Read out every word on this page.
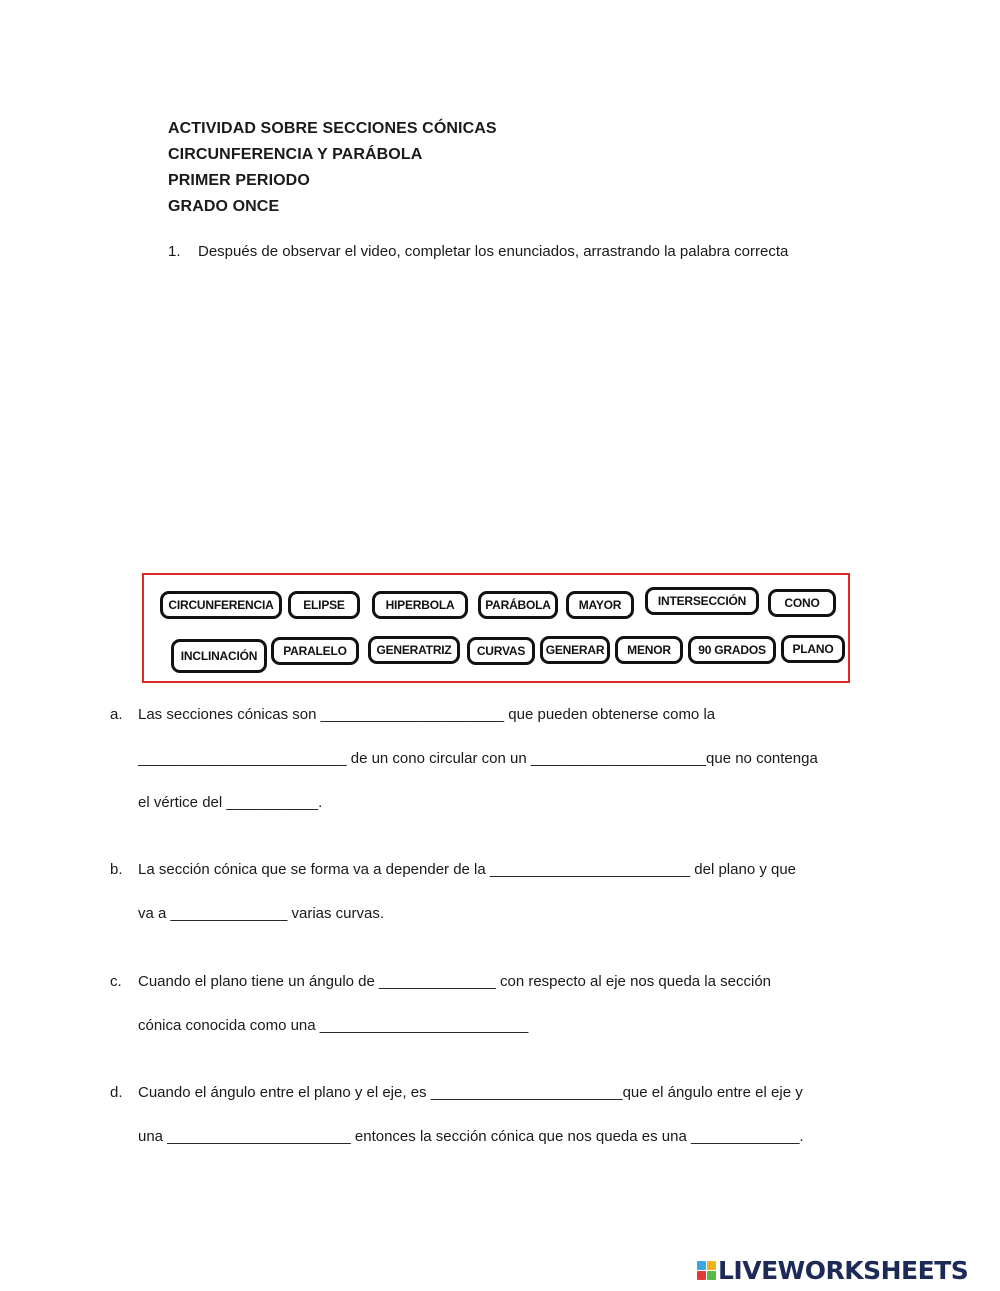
ACTIVIDAD SOBRE SECCIONES CÓNICAS
CIRCUNFERENCIA Y PARÁBOLA
PRIMER PERIODO
GRADO ONCE
1. Después de observar el video, completar los enunciados, arrastrando la palabra correcta
CIRCUNFERENCIA	ELIPSE	HIPERBOLA	PARÁBOLA	MAYOR	INTERSECCIÓN	CONO
INCLINACIÓN	PARALELO	GENERATRIZ	CURVAS	GENERAR	MENOR	90 GRADOS	PLANO
a. Las secciones cónicas son ______________________ que pueden obtenerse como la
_________________________ de un cono circular con un _____________________que no contenga
el vértice del ___________.
b. La sección cónica que se forma va a depender de la ________________________ del plano y que
va a ______________ varias curvas.
c. Cuando el plano tiene un ángulo de ______________ con respecto al eje nos queda la sección
cónica conocida como una _________________________
d. Cuando el ángulo entre el plano y el eje, es _______________________que el ángulo entre el eje y
una ______________________ entonces la sección cónica que nos queda es una _____________.
LIVEWORKSHEETS
